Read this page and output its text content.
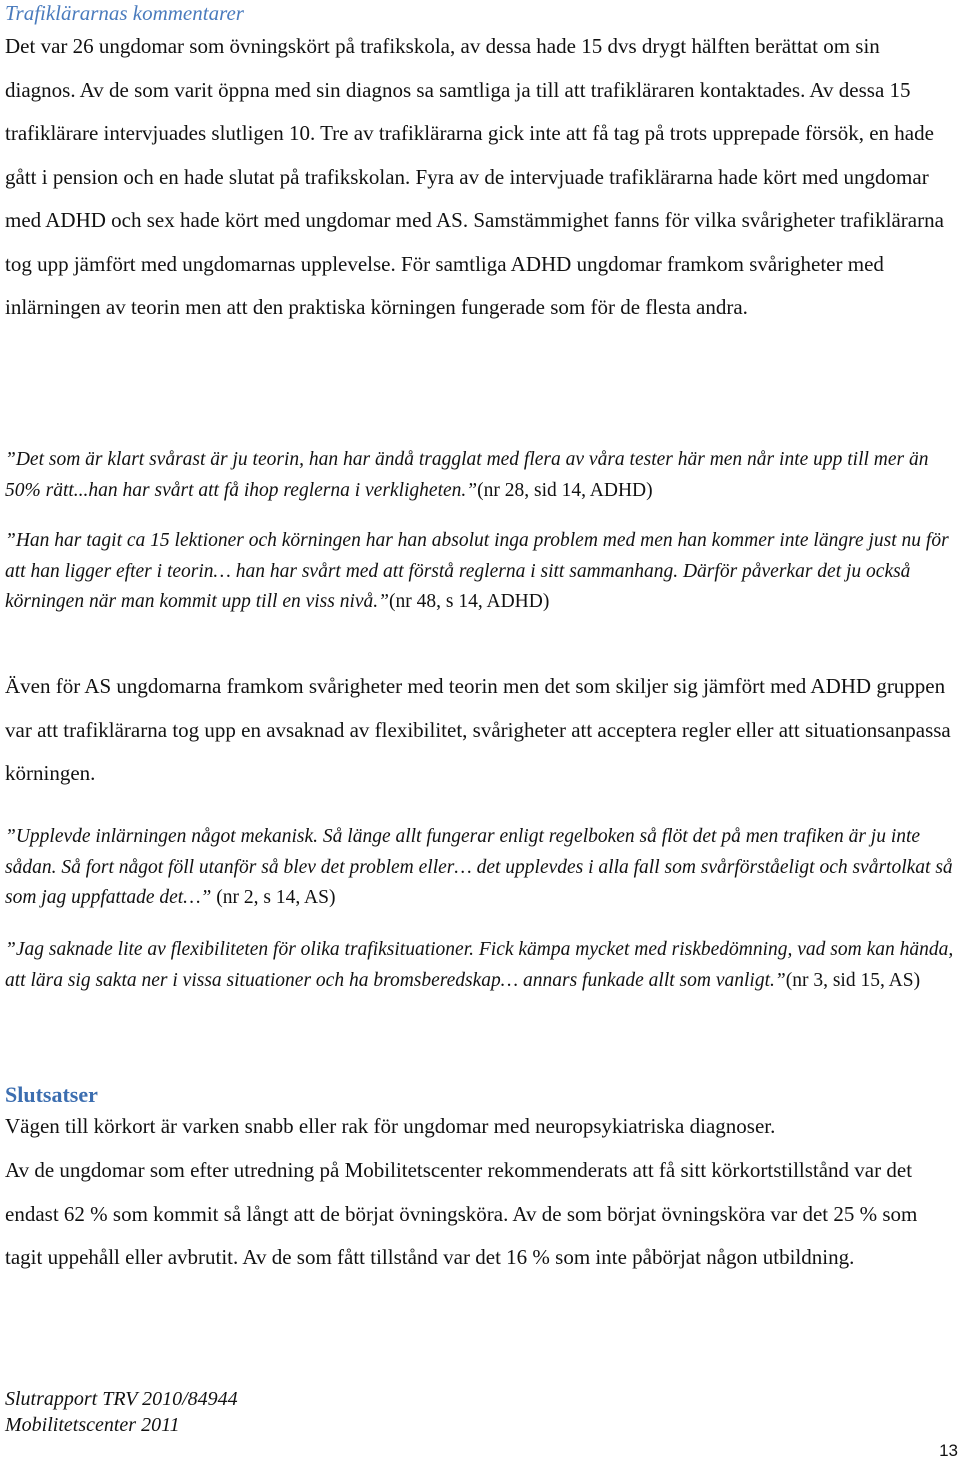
Trafiklärarnas kommentarer

Det var 26 ungdomar som övningskört på trafikskola, av dessa hade 15 dvs drygt hälften berättat om sin diagnos. Av de som varit öppna med sin diagnos sa samtliga ja till att trafikläraren kontaktades. Av dessa 15 trafiklärare intervjuades slutligen 10. Tre av trafiklärarna gick inte att få tag på trots upprepade försök, en hade gått i pension och en hade slutat på trafikskolan. Fyra av de intervjuade trafiklärarna hade kört med ungdomar med ADHD och sex hade kört med ungdomar med AS. Samstämmighet fanns för vilka svårigheter trafiklärarna tog upp jämfört med ungdomarnas upplevelse. För samtliga ADHD ungdomar framkom svårigheter med inlärningen av teorin men att den praktiska körningen fungerade som för de flesta andra.

”Det som är klart svårast är ju teorin, han har ändå tragglat med flera av våra tester här men når inte upp till mer än 50% rätt...han har svårt att få ihop reglerna i verkligheten.”(nr 28, sid 14, ADHD)

”Han har tagit ca 15 lektioner och körningen har han absolut inga problem med men han kommer inte längre just nu för att han ligger efter i teorin… han har svårt med att förstå reglerna i sitt sammanhang. Därför påverkar det ju också körningen när man kommit upp till en viss nivå.”(nr 48, s 14, ADHD)

Även för AS ungdomarna framkom svårigheter med teorin men det som skiljer sig jämfört med ADHD gruppen var att trafiklärarna tog upp en avsaknad av flexibilitet, svårigheter att acceptera regler eller att situationsanpassa körningen.

”Upplevde inlärningen något mekanisk. Så länge allt fungerar enligt regelboken så flöt det på men trafiken är ju inte sådan. Så fort något föll utanför så blev det problem eller… det upplevdes i alla fall som svårförståeligt och svårtolkat så som jag uppfattade det…” (nr 2, s 14, AS)

”Jag saknade lite av flexibiliteten för olika trafiksituationer. Fick kämpa mycket med riskbedömning, vad som kan hända, att lära sig sakta ner i vissa situationer och ha bromsberedskap… annars funkade allt som vanligt.”(nr 3, sid 15, AS)

Slutsatser

Vägen till körkort är varken snabb eller rak för ungdomar med neuropsykiatriska diagnoser.

Av de ungdomar som efter utredning på Mobilitetscenter rekommenderats att få sitt körkortstillstånd var det endast 62 % som kommit så långt att de börjat övningsköra. Av de som börjat övningsköra var det 25 % som tagit uppehåll eller avbrutit. Av de som fått tillstånd var det 16 % som inte påbörjat någon utbildning.

Slutrapport TRV 2010/84944
Mobilitetscenter 2011

13
